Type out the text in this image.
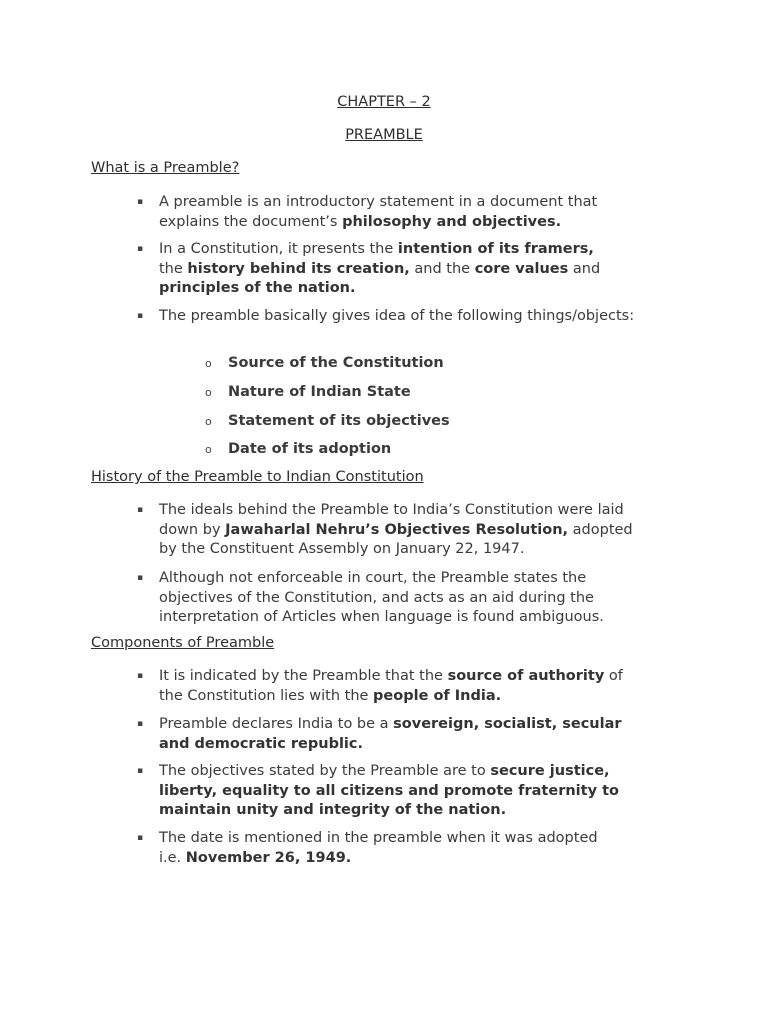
CHAPTER – 2
PREAMBLE
What is a Preamble?
▪ A preamble is an introductory statement in a document that explains the document’s philosophy and objectives.
▪ In a Constitution, it presents the intention of its framers, the history behind its creation, and the core values and principles of the nation.
▪ The preamble basically gives idea of the following things/objects:
o Source of the Constitution
o Nature of Indian State
o Statement of its objectives
o Date of its adoption
History of the Preamble to Indian Constitution
▪ The ideals behind the Preamble to India’s Constitution were laid down by Jawaharlal Nehru’s Objectives Resolution, adopted by the Constituent Assembly on January 22, 1947.
▪ Although not enforceable in court, the Preamble states the objectives of the Constitution, and acts as an aid during the interpretation of Articles when language is found ambiguous.
Components of Preamble
▪ It is indicated by the Preamble that the source of authority of the Constitution lies with the people of India.
▪ Preamble declares India to be a sovereign, socialist, secular and democratic republic.
▪ The objectives stated by the Preamble are to secure justice, liberty, equality to all citizens and promote fraternity to maintain unity and integrity of the nation.
▪ The date is mentioned in the preamble when it was adopted i.e. November 26, 1949.
